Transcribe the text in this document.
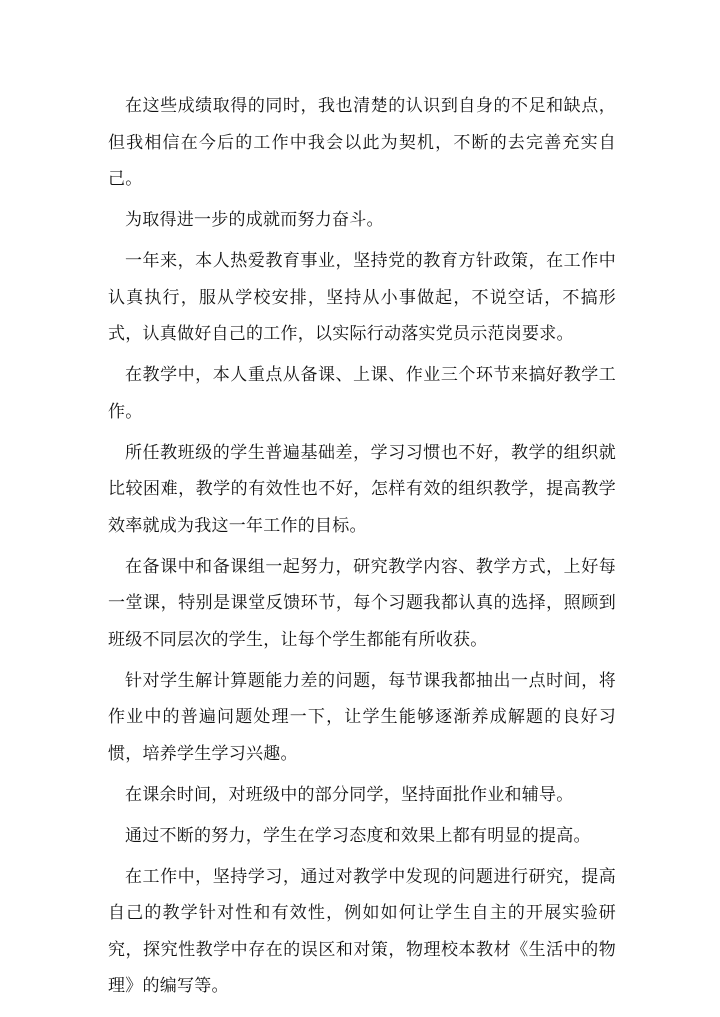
在这些成绩取得的同时，我也清楚的认识到自身的不足和缺点，但我相信在今后的工作中我会以此为契机，不断的去完善充实自己。

为取得进一步的成就而努力奋斗。

一年来，本人热爱教育事业，坚持党的教育方针政策，在工作中认真执行，服从学校安排，坚持从小事做起，不说空话，不搞形式，认真做好自己的工作，以实际行动落实党员示范岗要求。

在教学中，本人重点从备课、上课、作业三个环节来搞好教学工作。

所任教班级的学生普遍基础差，学习习惯也不好，教学的组织就比较困难，教学的有效性也不好，怎样有效的组织教学，提高教学效率就成为我这一年工作的目标。

在备课中和备课组一起努力，研究教学内容、教学方式，上好每一堂课，特别是课堂反馈环节，每个习题我都认真的选择，照顾到班级不同层次的学生，让每个学生都能有所收获。

针对学生解计算题能力差的问题，每节课我都抽出一点时间，将作业中的普遍问题处理一下，让学生能够逐渐养成解题的良好习惯，培养学生学习兴趣。

在课余时间，对班级中的部分同学，坚持面批作业和辅导。

通过不断的努力，学生在学习态度和效果上都有明显的提高。

在工作中，坚持学习，通过对教学中发现的问题进行研究，提高自己的教学针对性和有效性，例如如何让学生自主的开展实验研究，探究性教学中存在的误区和对策，物理校本教材《生活中的物理》的编写等。
